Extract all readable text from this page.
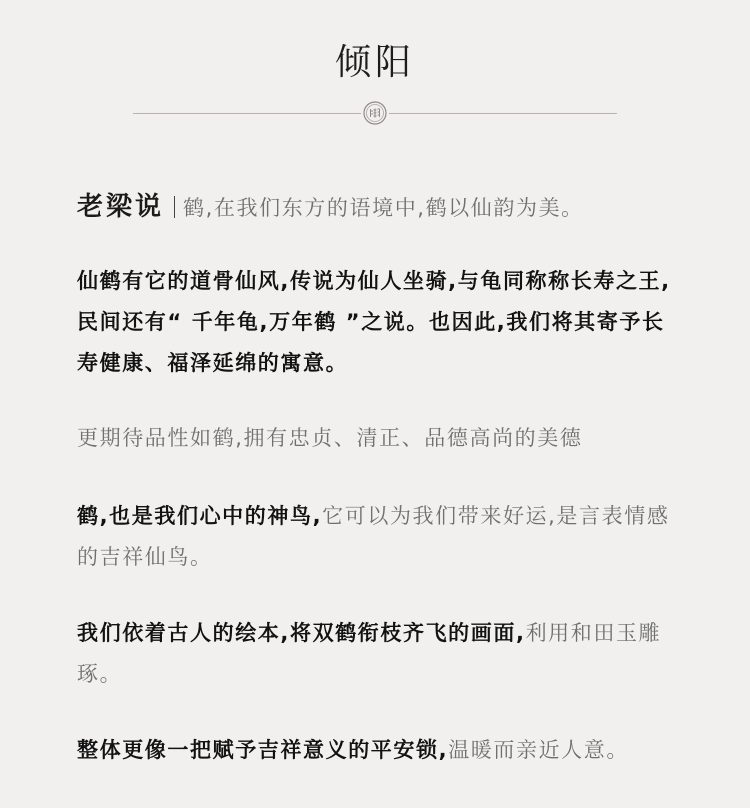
倾阳

老梁说 鹤,在我们东方的语境中,鹤以仙韵为美。

仙鹤有它的道骨仙风,传说为仙人坐骑,与龟同称称长寿之王,民间还有“ 千年龟,万年鹤 ”之说。也因此,我们将其寄予长寿健康、福泽延绵的寓意。

更期待品性如鹤,拥有忠贞、清正、品德高尚的美德

鹤,也是我们心中的神鸟,它可以为我们带来好运,是言表情感的吉祥仙鸟。

我们依着古人的绘本,将双鹤衔枝齐飞的画面,利用和田玉雕琢。

整体更像一把赋予吉祥意义的平安锁,温暖而亲近人意。
